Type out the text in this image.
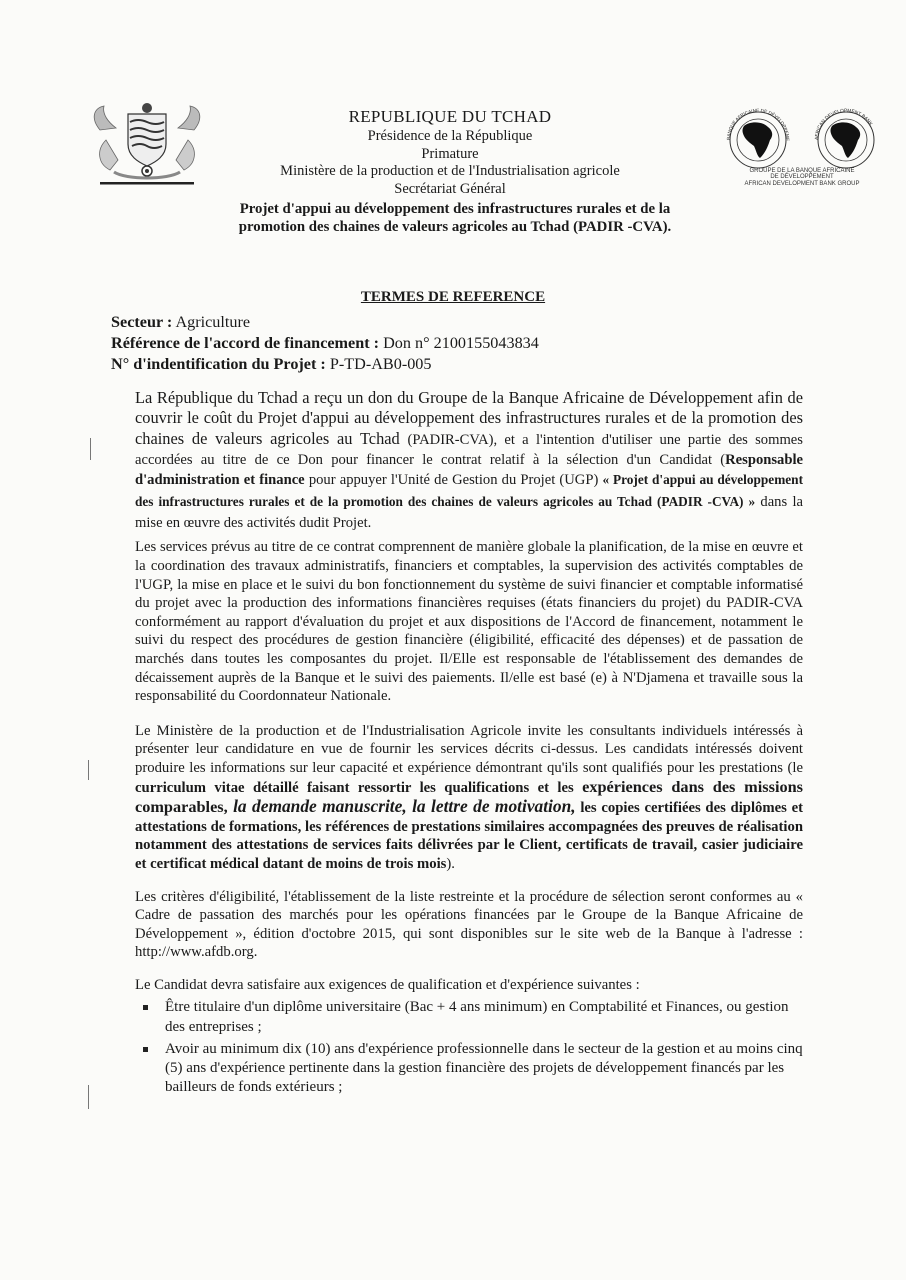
BANQUE AFRICAINE DE DÉVELOPPEME	AFRICAN DEVELOPMENT BANK
GROUPE DE LA BANQUE AFRICAINE
DE DÉVELOPPEMENT
AFRICAN DEVELOPMENT BANK GROUP
REPUBLIQUE DU TCHAD
Présidence de la République
Primature
Ministère de la production et de l'Industrialisation agricole
Secrétariat Général
Projet d'appui au développement des infrastructures rurales et de la
promotion des chaines de valeurs agricoles au Tchad (PADIR -CVA).
TERMES DE REFERENCE
Secteur : Agriculture
Référence de l'accord de financement : Don n° 2100155043834
N° d'indentification du Projet : P-TD-AB0-005

La République du Tchad a reçu un don du Groupe de la Banque Africaine de Développement afin de couvrir le coût du Projet d'appui au développement des infrastructures rurales et de la promotion des chaines de valeurs agricoles au Tchad (PADIR-CVA), et a l'intention d'utiliser une partie des sommes accordées au titre de ce Don pour financer le contrat relatif à la sélection d'un Candidat (Responsable d'administration et finance pour appuyer l'Unité de Gestion du Projet (UGP) « Projet d'appui au développement des infrastructures rurales et de la promotion des chaines de valeurs agricoles au Tchad (PADIR -CVA) » dans la mise en œuvre des activités dudit Projet.

Les services prévus au titre de ce contrat comprennent de manière globale la planification, de la mise en œuvre et la coordination des travaux administratifs, financiers et comptables, la supervision des activités comptables de l'UGP, la mise en place et le suivi du bon fonctionnement du système de suivi financier et comptable informatisé du projet avec la production des informations financières requises (états financiers du projet) du PADIR-CVA conformément au rapport d'évaluation du projet et aux dispositions de l'Accord de financement, notamment le suivi du respect des procédures de gestion financière (éligibilité, efficacité des dépenses) et de passation de marchés dans toutes les composantes du projet. Il/Elle est responsable de l'établissement des demandes de décaissement auprès de la Banque et le suivi des paiements. Il/elle est basé (e) à N'Djamena et travaille sous la responsabilité du Coordonnateur Nationale.

Le Ministère de la production et de l'Industrialisation Agricole invite les consultants individuels intéressés à présenter leur candidature en vue de fournir les services décrits ci-dessus. Les candidats intéressés doivent produire les informations sur leur capacité et expérience démontrant qu'ils sont qualifiés pour les prestations (le curriculum vitae détaillé faisant ressortir les qualifications et les expériences dans des missions comparables, la demande manuscrite, la lettre de motivation, les copies certifiées des diplômes et attestations de formations, les références de prestations similaires accompagnées des preuves de réalisation notamment des attestations de services faits délivrées par le Client, certificats de travail, casier judiciaire et certificat médical datant de moins de trois mois).

Les critères d'éligibilité, l'établissement de la liste restreinte et la procédure de sélection seront conformes au « Cadre de passation des marchés pour les opérations financées par le Groupe de la Banque Africaine de Développement », édition d'octobre 2015, qui sont disponibles sur le site web de la Banque à l'adresse : http://www.afdb.org.

Le Candidat devra satisfaire aux exigences de qualification et d'expérience suivantes :

Être titulaire d'un diplôme universitaire (Bac + 4 ans minimum) en Comptabilité et Finances, ou gestion des entreprises ;
Avoir au minimum dix (10) ans d'expérience professionnelle dans le secteur de la gestion et au moins cinq (5) ans d'expérience pertinente dans la gestion financière des projets de développement financés par les bailleurs de fonds extérieurs ;
